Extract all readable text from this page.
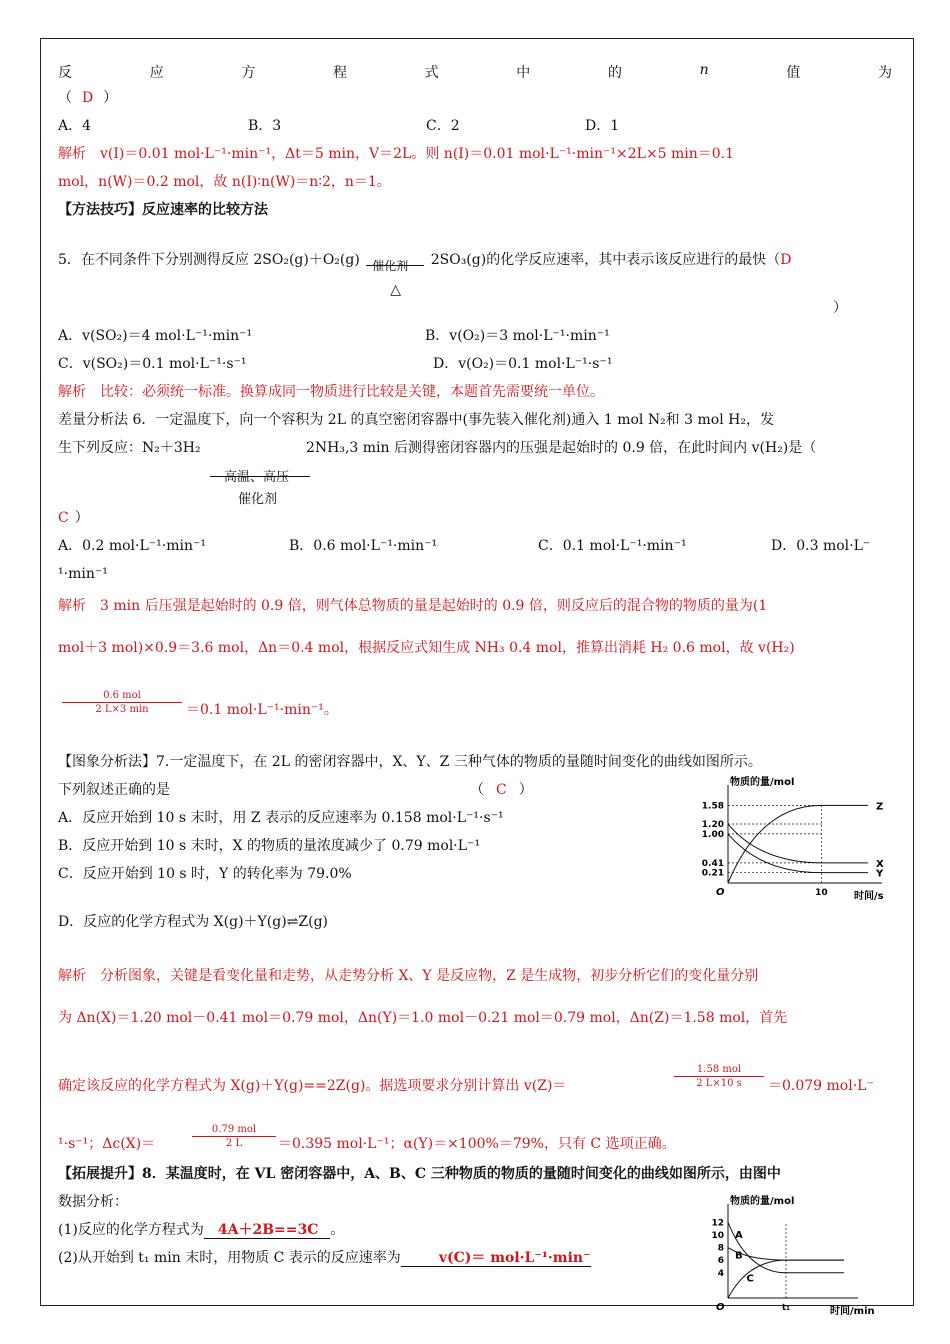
反	应	方	程	式	中	的	n	值	为
（ D ）
A．4	B．3	C．2	D．1
解析　v(I)＝0.01 mol·L⁻¹·min⁻¹，Δt＝5 min，V＝2L。则 n(I)＝0.01 mol·L⁻¹·min⁻¹×2L×5 min＝0.1
mol，n(W)＝0.2 mol，故 n(I)∶n(W)＝n∶2，n＝1。
【方法技巧】反应速率的比较方法
5．在不同条件下分别测得反应 2SO₂(g)＋O₂(g) 催化剂
△
2SO₃(g)的化学反应速率，其中表示该反应进行的最快（D
）
A．v(SO₂)＝4 mol·L⁻¹·min⁻¹	B．v(O₂)＝3 mol·L⁻¹·min⁻¹
C．v(SO₂)＝0.1 mol·L⁻¹·s⁻¹	D．v(O₂)＝0.1 mol·L⁻¹·s⁻¹
解析　比较：必须统一标准。换算成同一物质进行比较是关键，本题首先需要统一单位。
差量分析法 6．一定温度下，向一个容积为 2L 的真空密闭容器中(事先装入催化剂)通入 1 mol N₂和 3 mol H₂，发
生下列反应：N₂＋3H₂	2NH₃,3 min 后测得密闭容器内的压强是起始时的 0.9 倍，在此时间内 v(H₂)是（
高温、高压
催化剂
C ）
A．0.2 mol·L⁻¹·min⁻¹	B．0.6 mol·L⁻¹·min⁻¹	C．0.1 mol·L⁻¹·min⁻¹	D．0.3 mol·L⁻
¹·min⁻¹
解析　3 min 后压强是起始时的 0.9 倍，则气体总物质的量是起始时的 0.9 倍，则反应后的混合物的物质的量为(1
mol＋3 mol)×0.9＝3.6 mol，Δn＝0.4 mol，根据反应式知生成 NH₃ 0.4 mol，推算出消耗 H₂ 0.6 mol，故 v(H₂)
0.6 mol
2 L×3 min	＝0.1 mol·L⁻¹·min⁻¹。
【图象分析法】7.一定温度下，在 2L 的密闭容器中，X、Y、Z 三种气体的物质的量随时间变化的曲线如图所示。
下列叙述正确的是	（ C ）
A．反应开始到 10 s 末时，用 Z 表示的反应速率为 0.158 mol·L⁻¹·s⁻¹
B．反应开始到 10 s 末时，X 的物质的量浓度减少了 0.79 mol·L⁻¹
C．反应开始到 10 s 时，Y 的转化率为 79.0%
D．反应的化学方程式为 X(g)＋Y(g)⇌Z(g)
物质的量/mol
时间/s
O
1.58
1.20
1.00
0.41
0.21
10
Z
X
Y
解析　分析图象，关键是看变化量和走势，从走势分析 X、Y 是反应物，Z 是生成物，初步分析它们的变化量分别
为 Δn(X)＝1.20 mol－0.41 mol＝0.79 mol，Δn(Y)＝1.0 mol－0.21 mol＝0.79 mol，Δn(Z)＝1.58 mol，首先
确定该反应的化学方程式为 X(g)＋Y(g)==2Z(g)。据选项要求分别计算出 v(Z)＝
1.58 mol
2 L×10 s	＝0.079 mol·L⁻
¹·s⁻¹；Δc(X)＝
0.79 mol
2 L	＝0.395 mol·L⁻¹；α(Y)＝×100%＝79%，只有 C 选项正确。
【拓展提升】8．某温度时，在 VL 密闭容器中，A、B、C 三种物质的物质的量随时间变化的曲线如图所示，由图中
数据分析：
(1)反应的化学方程式为 4A＋2B==3C 。
(2)从开始到 t₁ min 末时，用物质 C 表示的反应速率为	v(C)＝ mol·L⁻¹·min⁻
物质的量/mol
时间/min
O
12
10
8
6
4
t₁
A
B
C
